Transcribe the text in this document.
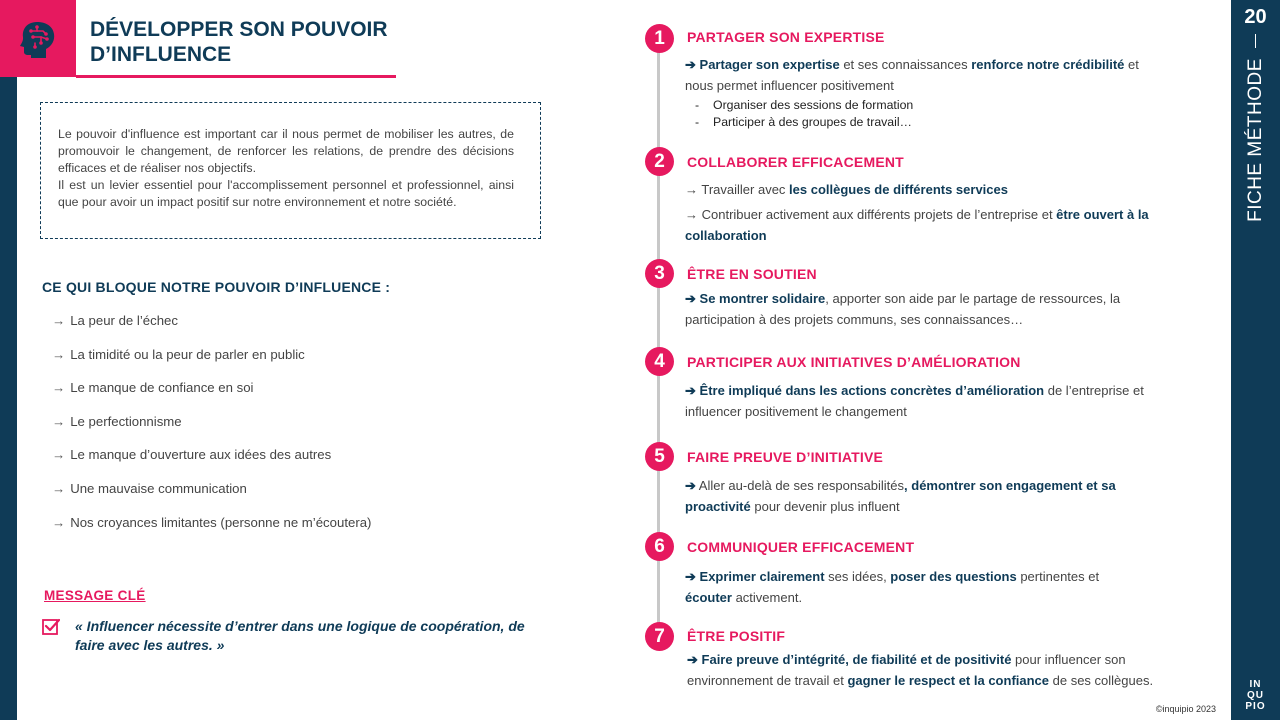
20
FICHE MÉTHODE
IN
QU
PIO
DÉVELOPPER SON POUVOIR D’INFLUENCE

Le pouvoir d'influence est important car il nous permet de mobiliser les autres, de promouvoir le changement, de renforcer les relations, de prendre des décisions efficaces et de réaliser nos objectifs.

Il est un levier essentiel pour l'accomplissement personnel et professionnel, ainsi que pour avoir un impact positif sur notre environnement et notre société.

CE QUI BLOQUE NOTRE POUVOIR D’INFLUENCE :
→ La peur de l’échec
→ La timidité ou la peur de parler en public
→ Le manque de confiance en soi
→ Le perfectionnisme
→ Le manque d’ouverture aux idées des autres
→ Une mauvaise communication
→ Nos croyances limitantes (personne ne m’écoutera)
MESSAGE CLÉ
« Influencer nécessite d’entrer dans une logique de coopération, de faire avec les autres. »
1	PARTAGER SON EXPERTISE
➔ Partager son expertise et ses connaissances renforce notre crédibilité et nous permet influencer positivement
-	Organiser des sessions de formation
-	Participer à des groupes de travail…
2	COLLABORER EFFICACEMENT
→ Travailler avec les collègues de différents services
→ Contribuer activement aux différents projets de l’entreprise et être ouvert à la collaboration
3	ÊTRE EN SOUTIEN
➔ Se montrer solidaire, apporter son aide par le partage de ressources, la participation à des projets communs, ses connaissances…
4	PARTICIPER AUX INITIATIVES D’AMÉLIORATION
➔ Être impliqué dans les actions concrètes d’amélioration de l’entreprise et influencer positivement le changement
5	FAIRE PREUVE D’INITIATIVE
➔ Aller au-delà de ses responsabilités, démontrer son engagement et sa proactivité pour devenir plus influent
6	COMMUNIQUER EFFICACEMENT
➔ Exprimer clairement ses idées, poser des questions pertinentes et écouter activement.
7	ÊTRE POSITIF
➔ Faire preuve d’intégrité, de fiabilité et de positivité pour influencer son environnement de travail et gagner le respect et la confiance de ses collègues.
©inquipio 2023
